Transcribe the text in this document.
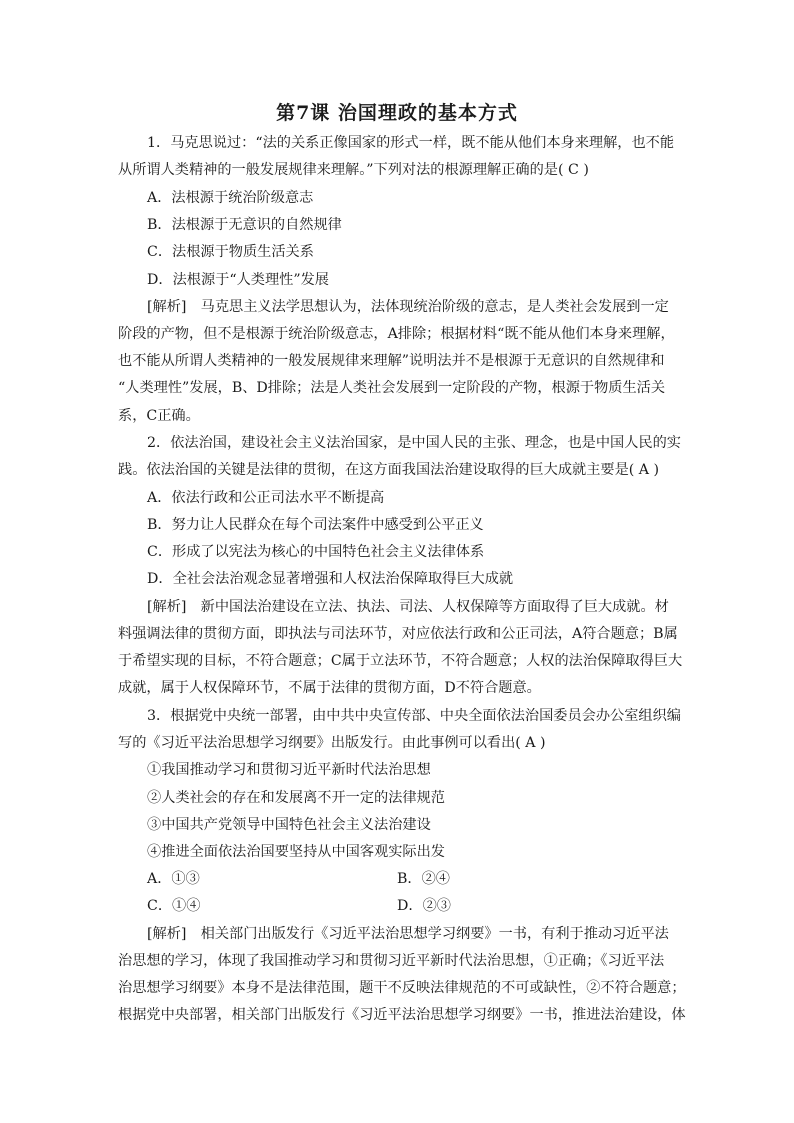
第7课 治国理政的基本方式
1．马克思说过：“法的关系正像国家的形式一样，既不能从他们本身来理解，也不能
从所谓人类精神的一般发展规律来理解。”下列对法的根源理解正确的是( C )
A．法根源于统治阶级意志
B．法根源于无意识的自然规律
C．法根源于物质生活关系
D．法根源于“人类理性”发展
[解析]　马克思主义法学思想认为，法体现统治阶级的意志，是人类社会发展到一定
阶段的产物，但不是根源于统治阶级意志，A排除；根据材料“既不能从他们本身来理解，
也不能从所谓人类精神的一般发展规律来理解”说明法并不是根源于无意识的自然规律和
“人类理性”发展，B、D排除；法是人类社会发展到一定阶段的产物，根源于物质生活关
系，C正确。
2．依法治国，建设社会主义法治国家，是中国人民的主张、理念，也是中国人民的实
践。依法治国的关键是法律的贯彻，在这方面我国法治建设取得的巨大成就主要是( A )
A．依法行政和公正司法水平不断提高
B．努力让人民群众在每个司法案件中感受到公平正义
C．形成了以宪法为核心的中国特色社会主义法律体系
D．全社会法治观念显著增强和人权法治保障取得巨大成就
[解析]　新中国法治建设在立法、执法、司法、人权保障等方面取得了巨大成就。材
料强调法律的贯彻方面，即执法与司法环节，对应依法行政和公正司法，A符合题意；B属
于希望实现的目标，不符合题意；C属于立法环节，不符合题意；人权的法治保障取得巨大
成就，属于人权保障环节，不属于法律的贯彻方面，D不符合题意。
3．根据党中央统一部署，由中共中央宣传部、中央全面依法治国委员会办公室组织编
写的《习近平法治思想学习纲要》出版发行。由此事例可以看出( A )
①我国推动学习和贯彻习近平新时代法治思想
②人类社会的存在和发展离不开一定的法律规范
③中国共产党领导中国特色社会主义法治建设
④推进全面依法治国要坚持从中国客观实际出发
A．①③	B．②④
C．①④	D．②③
[解析]　相关部门出版发行《习近平法治思想学习纲要》一书，有利于推动习近平法
治思想的学习，体现了我国推动学习和贯彻习近平新时代法治思想，①正确；《习近平法
治思想学习纲要》本身不是法律范围，题干不反映法律规范的不可或缺性，②不符合题意；
根据党中央部署，相关部门出版发行《习近平法治思想学习纲要》一书，推进法治建设，体
